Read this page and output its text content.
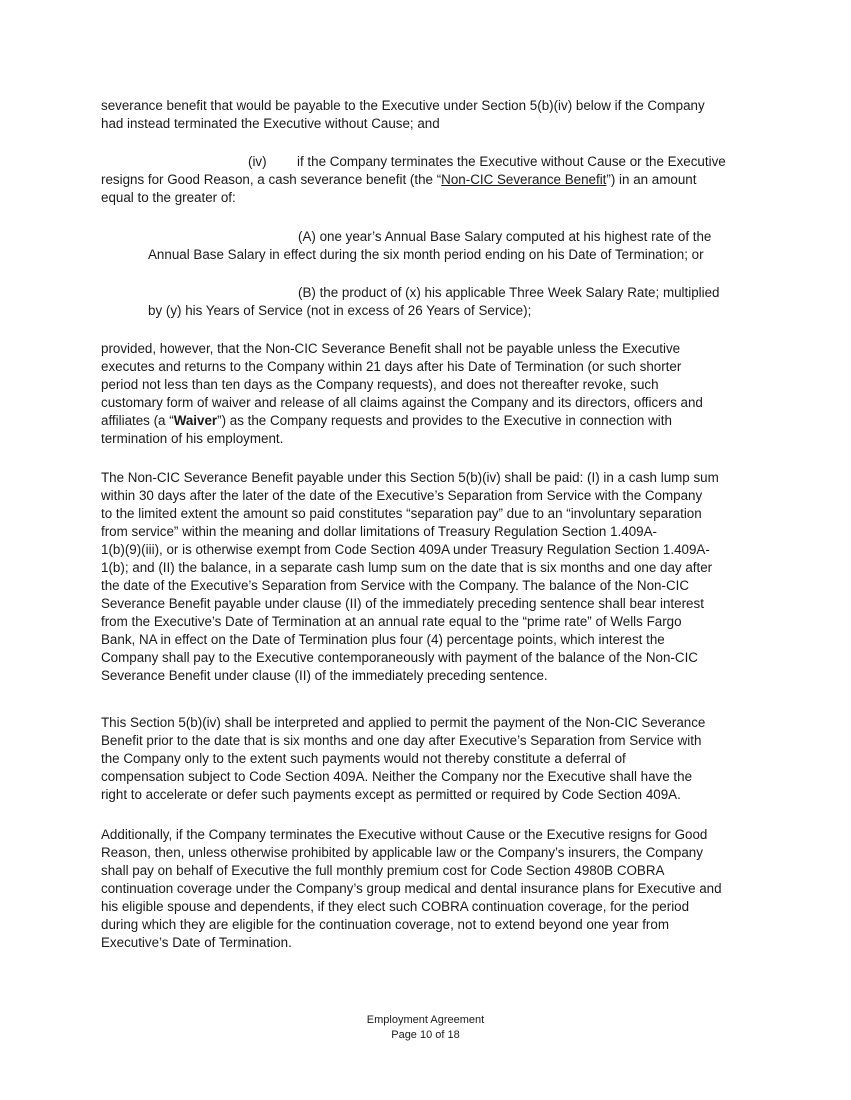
severance benefit that would be payable to the Executive under Section 5(b)(iv) below if the Company
had instead terminated the Executive without Cause; and
(iv) if the Company terminates the Executive without Cause or the Executive
resigns for Good Reason, a cash severance benefit (the “Non-CIC Severance Benefit”) in an amount
equal to the greater of:
(A) one year’s Annual Base Salary computed at his highest rate of the
Annual Base Salary in effect during the six month period ending on his Date of Termination; or
(B) the product of (x) his applicable Three Week Salary Rate; multiplied
by (y) his Years of Service (not in excess of 26 Years of Service);
provided, however, that the Non-CIC Severance Benefit shall not be payable unless the Executive
executes and returns to the Company within 21 days after his Date of Termination (or such shorter
period not less than ten days as the Company requests), and does not thereafter revoke, such
customary form of waiver and release of all claims against the Company and its directors, officers and
affiliates (a “Waiver”) as the Company requests and provides to the Executive in connection with
termination of his employment.
The Non-CIC Severance Benefit payable under this Section 5(b)(iv) shall be paid: (I) in a cash lump sum
within 30 days after the later of the date of the Executive’s Separation from Service with the Company
to the limited extent the amount so paid constitutes “separation pay” due to an “involuntary separation
from service” within the meaning and dollar limitations of Treasury Regulation Section 1.409A-
1(b)(9)(iii), or is otherwise exempt from Code Section 409A under Treasury Regulation Section 1.409A-
1(b); and (II) the balance, in a separate cash lump sum on the date that is six months and one day after
the date of the Executive’s Separation from Service with the Company. The balance of the Non-CIC
Severance Benefit payable under clause (II) of the immediately preceding sentence shall bear interest
from the Executive’s Date of Termination at an annual rate equal to the “prime rate” of Wells Fargo
Bank, NA in effect on the Date of Termination plus four (4) percentage points, which interest the
Company shall pay to the Executive contemporaneously with payment of the balance of the Non-CIC
Severance Benefit under clause (II) of the immediately preceding sentence.
This Section 5(b)(iv) shall be interpreted and applied to permit the payment of the Non-CIC Severance
Benefit prior to the date that is six months and one day after Executive’s Separation from Service with
the Company only to the extent such payments would not thereby constitute a deferral of
compensation subject to Code Section 409A. Neither the Company nor the Executive shall have the
right to accelerate or defer such payments except as permitted or required by Code Section 409A.
Additionally, if the Company terminates the Executive without Cause or the Executive resigns for Good
Reason, then, unless otherwise prohibited by applicable law or the Company’s insurers, the Company
shall pay on behalf of Executive the full monthly premium cost for Code Section 4980B COBRA
continuation coverage under the Company’s group medical and dental insurance plans for Executive and
his eligible spouse and dependents, if they elect such COBRA continuation coverage, for the period
during which they are eligible for the continuation coverage, not to extend beyond one year from
Executive’s Date of Termination.
Employment Agreement
Page 10 of 18
